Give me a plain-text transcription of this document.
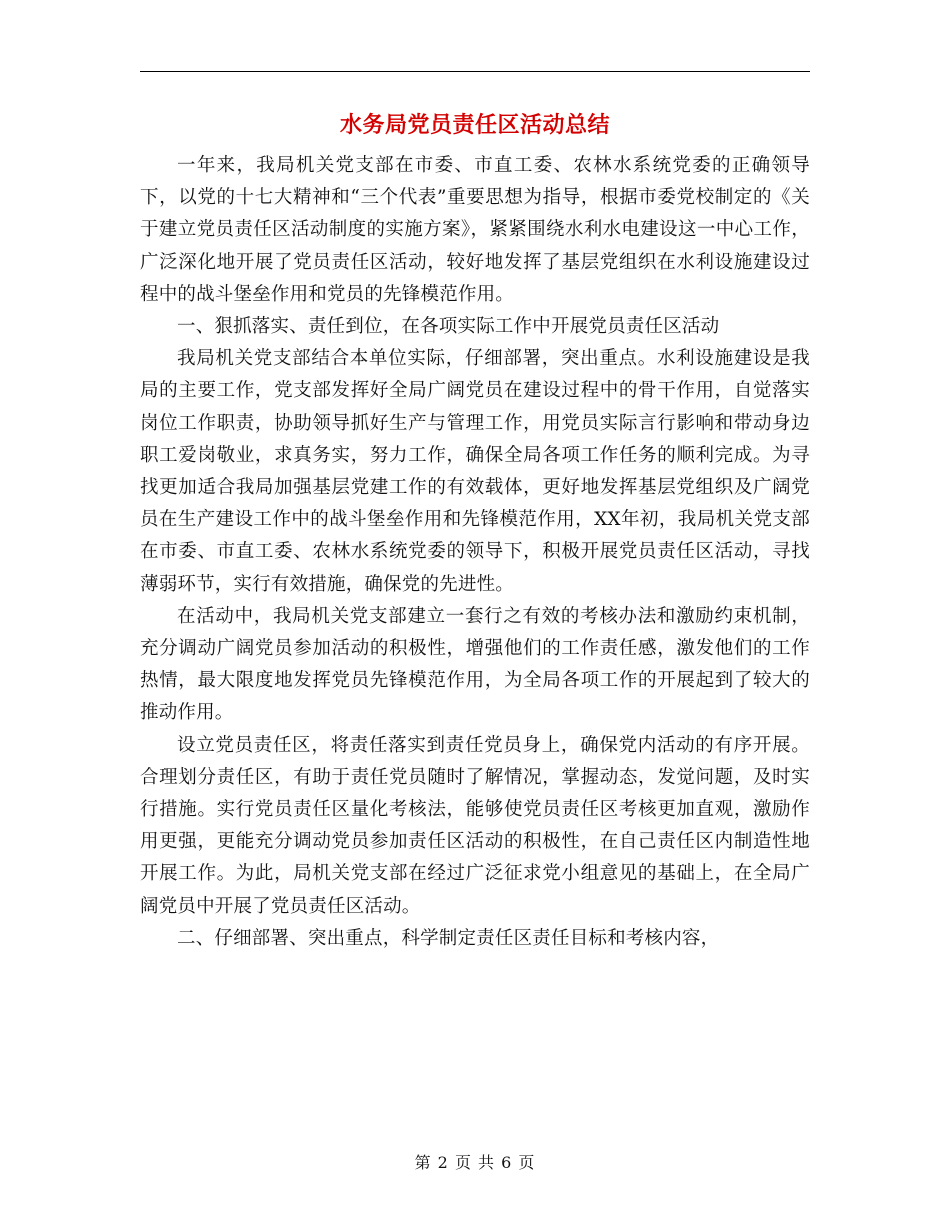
水务局党员责任区活动总结

一年来，我局机关党支部在市委、市直工委、农林水系统党委的正确领导下，以党的十七大精神和“三个代表”重要思想为指导，根据市委党校制定的《关于建立党员责任区活动制度的实施方案》，紧紧围绕水利水电建设这一中心工作，广泛深化地开展了党员责任区活动，较好地发挥了基层党组织在水利设施建设过程中的战斗堡垒作用和党员的先锋模范作用。

一、狠抓落实、责任到位，在各项实际工作中开展党员责任区活动

我局机关党支部结合本单位实际，仔细部署，突出重点。水利设施建设是我局的主要工作，党支部发挥好全局广阔党员在建设过程中的骨干作用，自觉落实岗位工作职责，协助领导抓好生产与管理工作，用党员实际言行影响和带动身边职工爱岗敬业，求真务实，努力工作，确保全局各项工作任务的顺利完成。为寻找更加适合我局加强基层党建工作的有效载体，更好地发挥基层党组织及广阔党员在生产建设工作中的战斗堡垒作用和先锋模范作用，XX年初，我局机关党支部在市委、市直工委、农林水系统党委的领导下，积极开展党员责任区活动，寻找薄弱环节，实行有效措施，确保党的先进性。

在活动中，我局机关党支部建立一套行之有效的考核办法和激励约束机制，充分调动广阔党员参加活动的积极性，增强他们的工作责任感，激发他们的工作热情，最大限度地发挥党员先锋模范作用，为全局各项工作的开展起到了较大的推动作用。

设立党员责任区，将责任落实到责任党员身上，确保党内活动的有序开展。合理划分责任区，有助于责任党员随时了解情况，掌握动态，发觉问题，及时实行措施。实行党员责任区量化考核法，能够使党员责任区考核更加直观，激励作用更强，更能充分调动党员参加责任区活动的积极性，在自己责任区内制造性地开展工作。为此，局机关党支部在经过广泛征求党小组意见的基础上，在全局广阔党员中开展了党员责任区活动。

二、仔细部署、突出重点，科学制定责任区责任目标和考核内容，

第 2 页 共 6 页
